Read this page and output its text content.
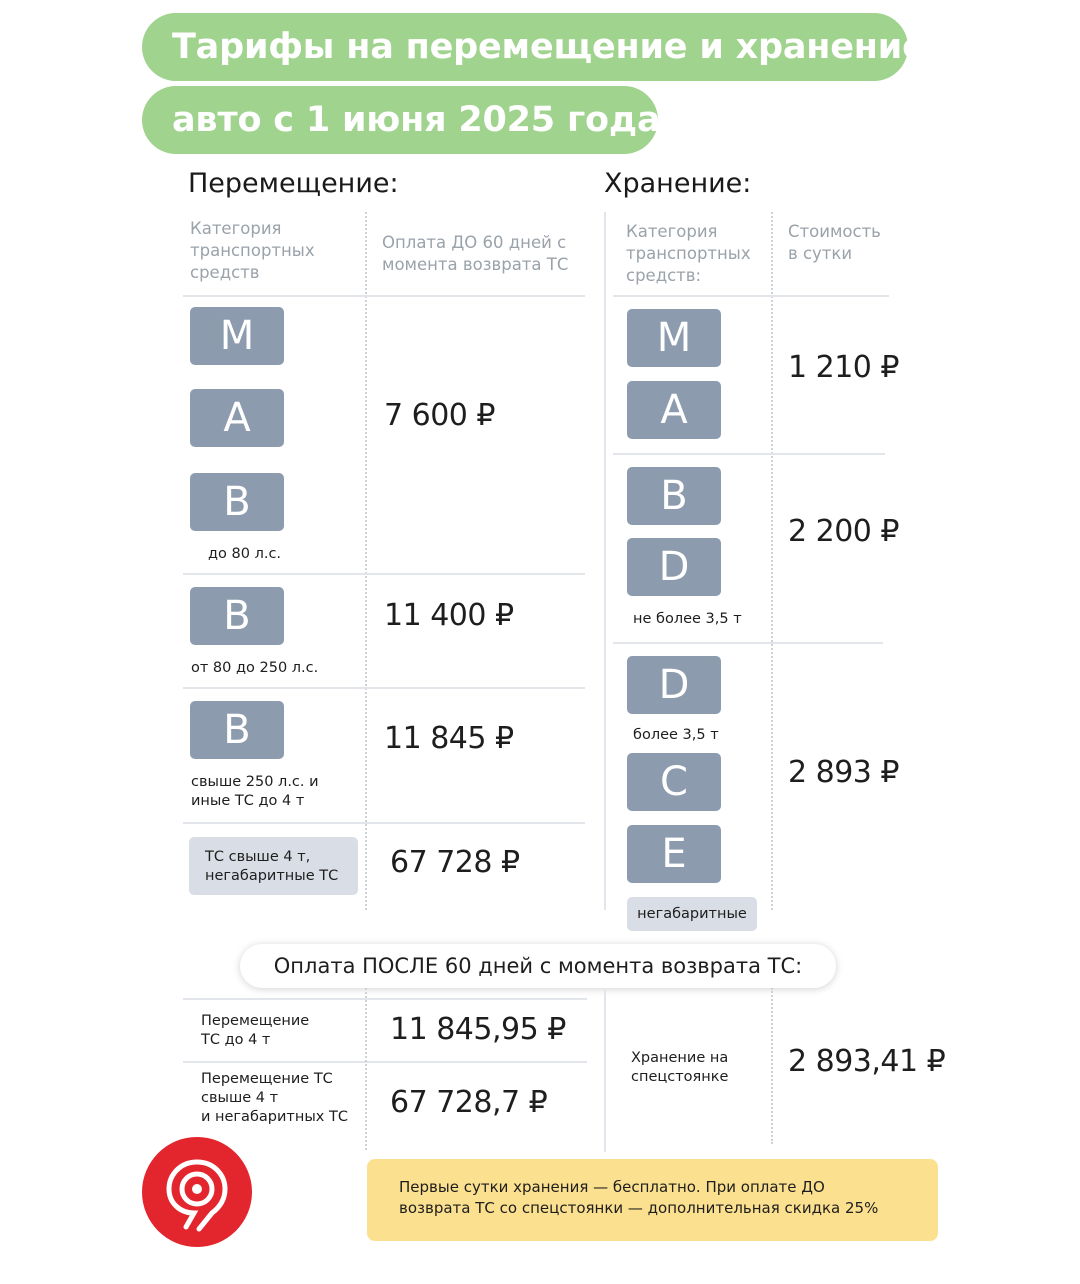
Тарифы на перемещение и хранение
авто с 1 июня 2025 года
Перемещение:
Категория транспортных средств
Оплата ДО 60 дней с момента возврата ТС
M
A
B
до 80 л.с.
7 600 ₽
B
от 80 до 250 л.с.
11 400 ₽
B
свыше 250 л.с. и
иные ТС до 4 т
11 845 ₽
ТС свыше 4 т,
негабаритные ТС 67 728 ₽
Хранение:
Категория транспортных средств:
Стоимость в сутки
M
A
1 210 ₽
B
D
не более 3,5 т
2 200 ₽
D
более 3,5 т
C
E
негабаритные
2 893 ₽
Оплата ПОСЛЕ 60 дней с момента возврата ТС:
Перемещение
ТС до 4 т	11 845,95 ₽
Перемещение ТС
свыше 4 т
и негабаритных ТС 67 728,7 ₽
Хранение на
спецстоянке 2 893,41 ₽
Первые сутки хранения — бесплатно. При оплате ДО
возврата ТС со спецстоянки — дополнительная скидка 25%
